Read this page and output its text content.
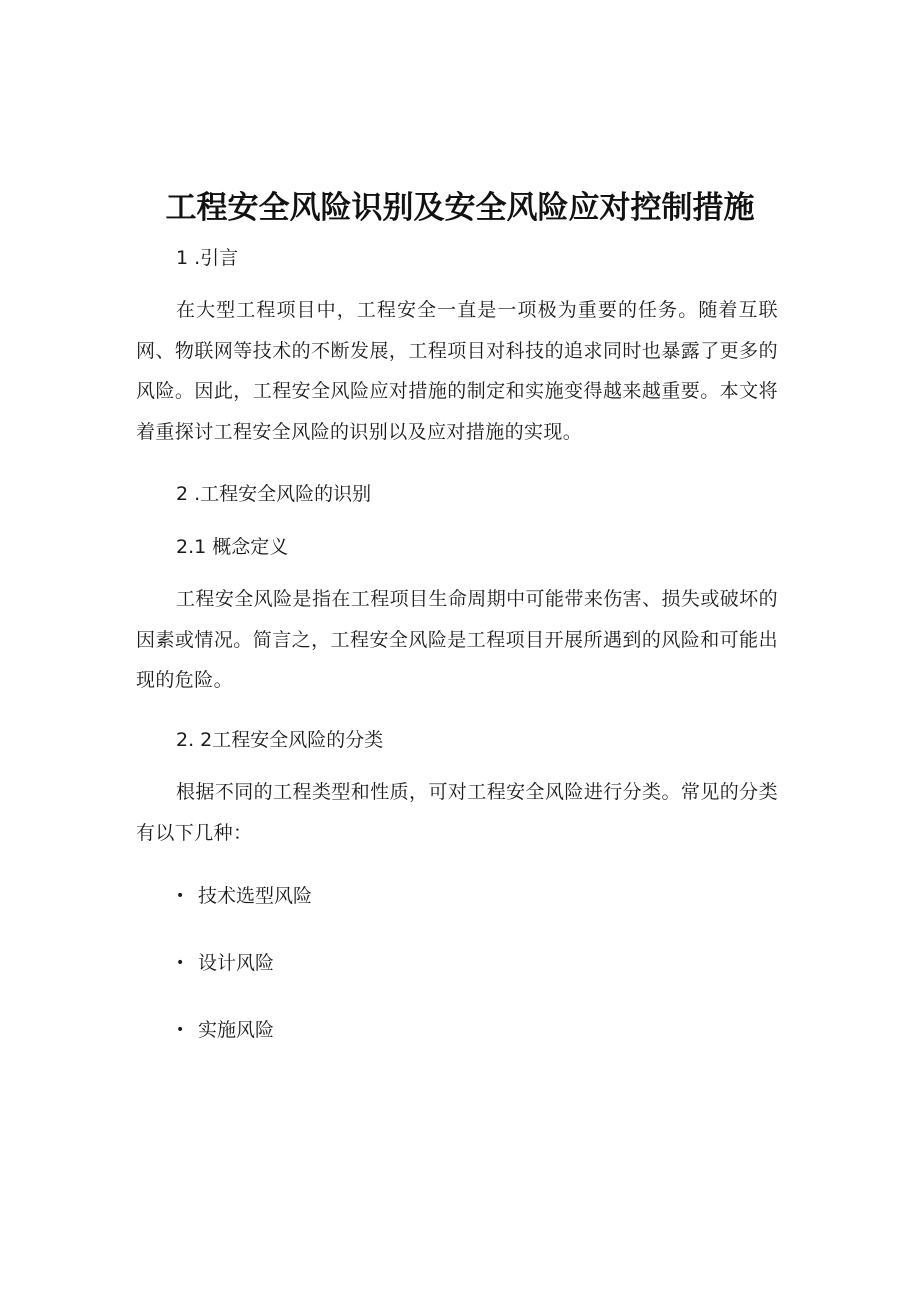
工程安全风险识别及安全风险应对控制措施
1 .引言
在大型工程项目中，工程安全一直是一项极为重要的任务。随着互联网、物联网等技术的不断发展，工程项目对科技的追求同时也暴露了更多的风险。因此，工程安全风险应对措施的制定和实施变得越来越重要。本文将着重探讨工程安全风险的识别以及应对措施的实现。
2 .工程安全风险的识别
2.1 概念定义
工程安全风险是指在工程项目生命周期中可能带来伤害、损失或破坏的因素或情况。简言之，工程安全风险是工程项目开展所遇到的风险和可能出现的危险。
2. 2工程安全风险的分类
根据不同的工程类型和性质，可对工程安全风险进行分类。常见的分类有以下几种：
• 技术选型风险
• 设计风险
• 实施风险
